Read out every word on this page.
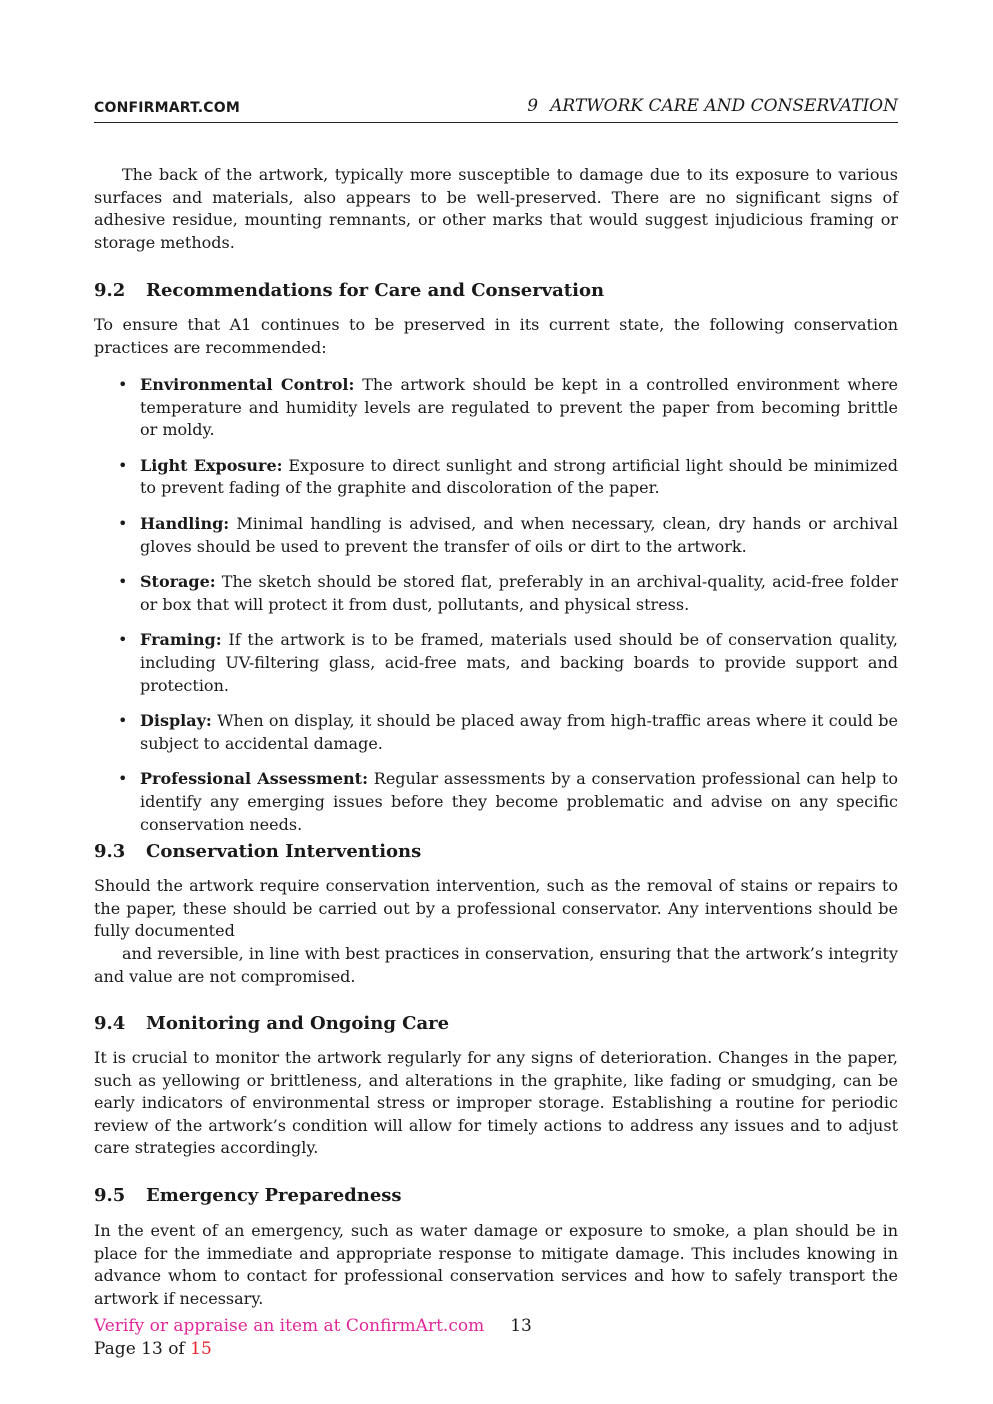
CONFIRMART.COM	9 ARTWORK CARE AND CONSERVATION

The back of the artwork, typically more susceptible to damage due to its exposure to various surfaces and materials, also appears to be well-preserved. There are no significant signs of adhesive residue, mounting remnants, or other marks that would suggest injudicious framing or storage methods.

9.2 Recommendations for Care and Conservation

To ensure that A1 continues to be preserved in its current state, the following conservation practices are recommended:

• Environmental Control: The artwork should be kept in a controlled environment where temperature and humidity levels are regulated to prevent the paper from becoming brittle or moldy.
• Light Exposure: Exposure to direct sunlight and strong artificial light should be minimized to prevent fading of the graphite and discoloration of the paper.
• Handling: Minimal handling is advised, and when necessary, clean, dry hands or archival gloves should be used to prevent the transfer of oils or dirt to the artwork.
• Storage: The sketch should be stored flat, preferably in an archival-quality, acid-free folder or box that will protect it from dust, pollutants, and physical stress.
• Framing: If the artwork is to be framed, materials used should be of conservation quality, including UV-filtering glass, acid-free mats, and backing boards to provide support and protection.
• Display: When on display, it should be placed away from high-traffic areas where it could be subject to accidental damage.
• Professional Assessment: Regular assessments by a conservation professional can help to identify any emerging issues before they become problematic and advise on any specific conservation needs.
9.3 Conservation Interventions

Should the artwork require conservation intervention, such as the removal of stains or repairs to the paper, these should be carried out by a professional conservator. Any interventions should be fully documented

and reversible, in line with best practices in conservation, ensuring that the artwork’s integrity and value are not compromised.

9.4 Monitoring and Ongoing Care

It is crucial to monitor the artwork regularly for any signs of deterioration. Changes in the paper, such as yellowing or brittleness, and alterations in the graphite, like fading or smudging, can be early indicators of environmental stress or improper storage. Establishing a routine for periodic review of the artwork’s condition will allow for timely actions to address any issues and to adjust care strategies accordingly.

9.5 Emergency Preparedness

In the event of an emergency, such as water damage or exposure to smoke, a plan should be in place for the immediate and appropriate response to mitigate damage. This includes knowing in advance whom to contact for professional conservation services and how to safely transport the artwork if necessary.

Verify or appraise an item at ConfirmArt.com 13
Page 13 of 15
